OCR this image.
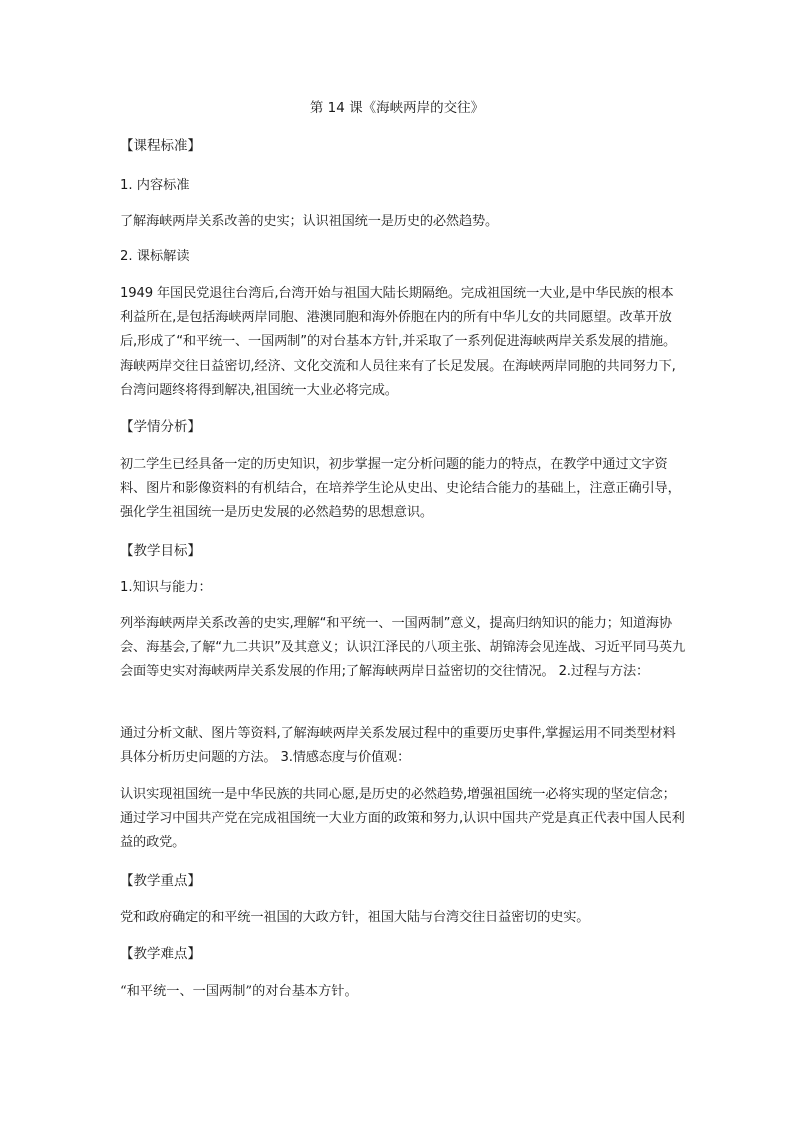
第 14 课《海峡两岸的交往》
【课程标准】
1. 内容标准
了解海峡两岸关系改善的史实；认识祖国统一是历史的必然趋势。
2. 课标解读
1949 年国民党退往台湾后,台湾开始与祖国大陆长期隔绝。完成祖国统一大业,是中华民族的根本利益所在,是包括海峡两岸同胞、港澳同胞和海外侨胞在内的所有中华儿女的共同愿望。改革开放后,形成了“和平统一、一国两制”的对台基本方针,并采取了一系列促进海峡两岸关系发展的措施。海峡两岸交往日益密切,经济、文化交流和人员往来有了长足发展。在海峡两岸同胞的共同努力下,台湾问题终将得到解决,祖国统一大业必将完成。
【学情分析】
初二学生已经具备一定的历史知识，初步掌握一定分析问题的能力的特点，在教学中通过文字资料、图片和影像资料的有机结合，在培养学生论从史出、史论结合能力的基础上，注意正确引导，强化学生祖国统一是历史发展的必然趋势的思想意识。
【教学目标】
1.知识与能力：
列举海峡两岸关系改善的史实,理解“和平统一、一国两制”意义，提高归纳知识的能力；知道海协会、海基会,了解“九二共识”及其意义；认识江泽民的八项主张、胡锦涛会见连战、习近平同马英九会面等史实对海峡两岸关系发展的作用;了解海峡两岸日益密切的交往情况。 2.过程与方法：
通过分析文献、图片等资料,了解海峡两岸关系发展过程中的重要历史事件,掌握运用不同类型材料具体分析历史问题的方法。 3.情感态度与价值观：
认识实现祖国统一是中华民族的共同心愿,是历史的必然趋势,增强祖国统一必将实现的坚定信念；通过学习中国共产党在完成祖国统一大业方面的政策和努力,认识中国共产党是真正代表中国人民利益的政党。
【教学重点】
党和政府确定的和平统一祖国的大政方针，祖国大陆与台湾交往日益密切的史实。
【教学难点】
“和平统一、一国两制”的对台基本方针。
